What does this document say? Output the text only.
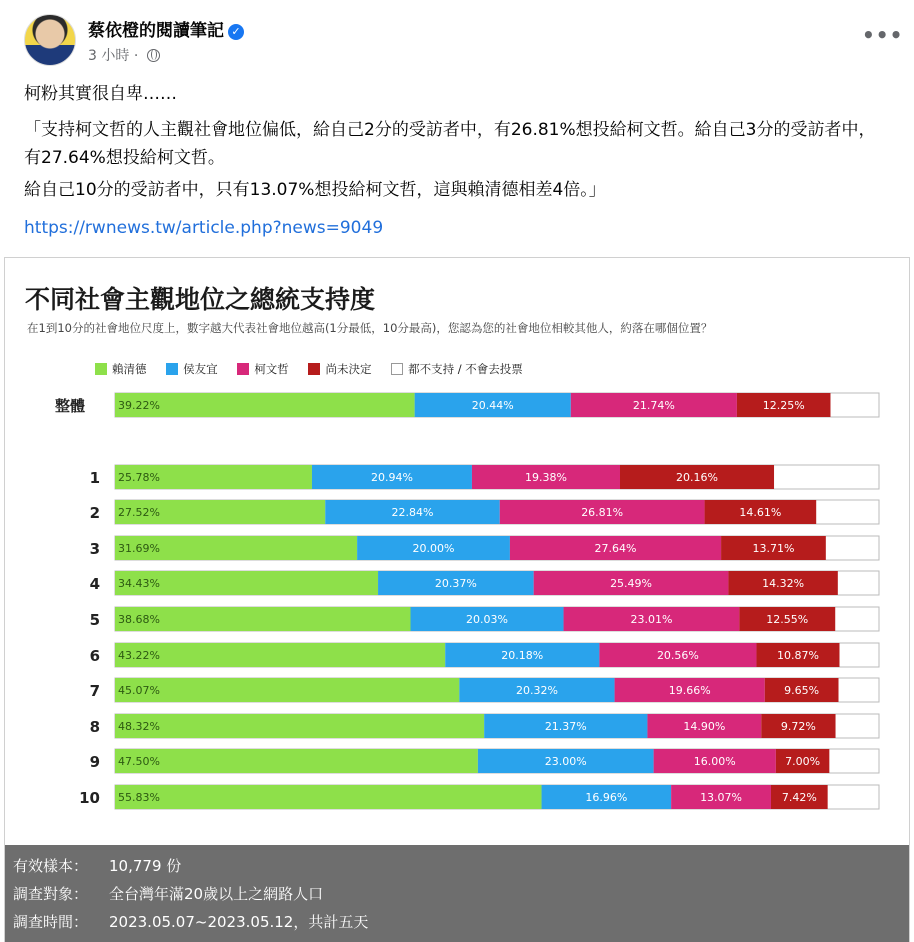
蔡依橙的閱讀筆記 ✓
3 小時 ·
•••
柯粉其實很自卑……
「支持柯文哲的人主觀社會地位偏低，給自己2分的受訪者中，有26.81%想投給柯文哲。給自己3分的受訪者中，有27.64%想投給柯文哲。
給自己10分的受訪者中，只有13.07%想投給柯文哲，這與賴清德相差4倍。」
https://rwnews.tw/article.php?news=9049
不同社會主觀地位之總統支持度
在1到10分的社會地位尺度上，數字越大代表社會地位越高(1分最低，10分最高)，您認為您的社會地位相較其他人，約落在哪個位置？
賴清德	侯友宜	柯文哲	尚未決定	都不支持 / 不會去投票
整體	39.22%	20.44%	21.74%	12.25%
1 25.78%	20.94%	19.38%	20.16%
2 27.52%	22.84%	26.81%	14.61%
3 31.69%	20.00%	27.64%	13.71%
4 34.43%	20.37%	25.49%	14.32%
5 38.68%	20.03%	23.01%	12.55%
6 43.22%	20.18%	20.56%	10.87%
7 45.07%	20.32%	19.66%	9.65%
8 48.32%	21.37%	14.90%	9.72%
9 47.50%	23.00%	16.00%	7.00%
10 55.83%	16.96%	13.07%	7.42%
有效樣本： 10,779 份
調查對象： 全台灣年滿20歲以上之網路人口
調查時間： 2023.05.07~2023.05.12，共計五天
